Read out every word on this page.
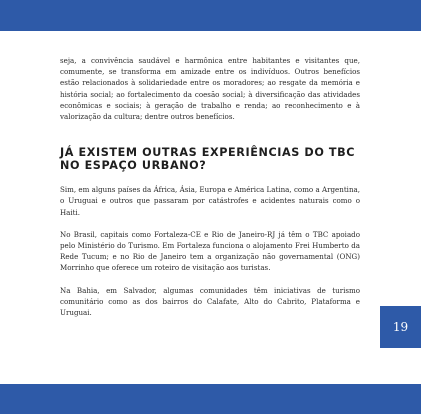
seja, a convivência saudável e harmônica entre habitantes e visitantes que, comumente, se transforma em amizade entre os indivíduos. Outros benefícios estão relacionados à solidariedade entre os moradores; ao resgate da memória e história social; ao fortalecimento da coesão social; à diversificação das atividades econômicas e sociais; à geração de trabalho e renda; ao reconhecimento e à valorização da cultura; dentre outros benefícios.

JÁ EXISTEM OUTRAS EXPERIÊNCIAS DO TBC NO ESPAÇO URBANO?

Sim, em alguns países da África, Ásia, Europa e América Latina, como a Argentina, o Uruguai e outros que passaram por catástrofes e acidentes naturais como o Haiti.

No Brasil, capitais como Fortaleza-CE e Rio de Janeiro-RJ já têm o TBC apoiado pelo Ministério do Turismo. Em Fortaleza funciona o alojamento Frei Humberto da Rede Tucum; e no Rio de Janeiro tem a organização não governamental (ONG) Morrinho que oferece um roteiro de visitação aos turistas.

Na Bahia, em Salvador, algumas comunidades têm iniciativas de turismo comunitário como as dos bairros do Calafate, Alto do Cabrito, Plataforma e Uruguai.

19
